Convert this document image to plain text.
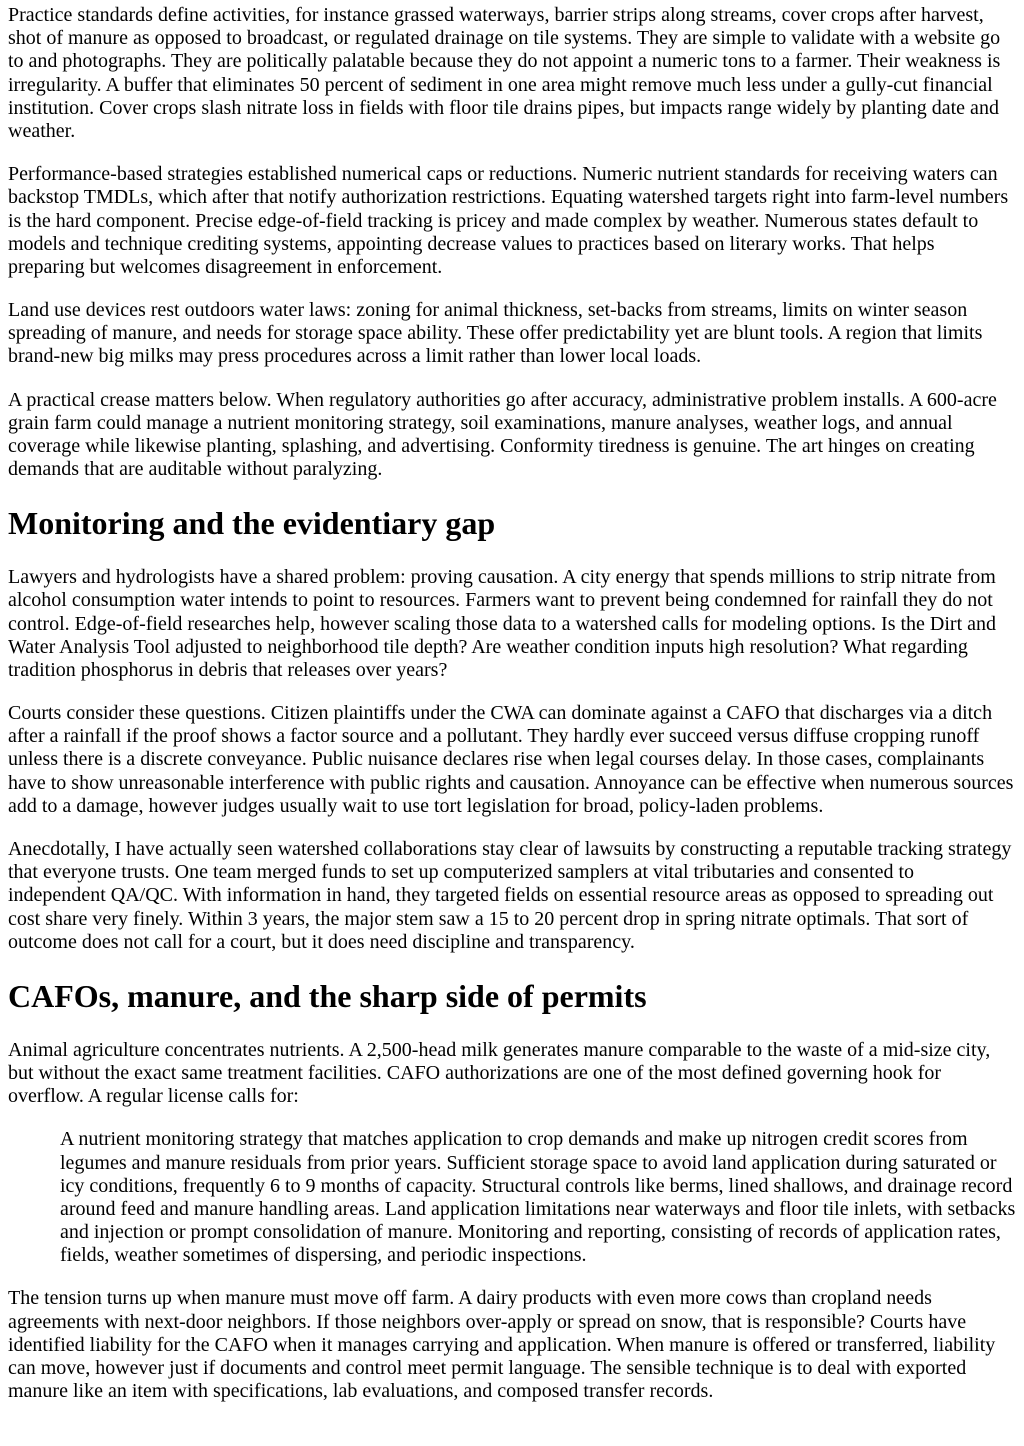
Practice standards define activities, for instance grassed waterways, barrier strips along streams, cover crops after harvest, shot of manure as opposed to broadcast, or regulated drainage on tile systems. They are simple to validate with a website go to and photographs. They are politically palatable because they do not appoint a numeric tons to a farmer. Their weakness is irregularity. A buffer that eliminates 50 percent of sediment in one area might remove much less under a gully-cut financial institution. Cover crops slash nitrate loss in fields with floor tile drains pipes, but impacts range widely by planting date and weather.

Performance-based strategies established numerical caps or reductions. Numeric nutrient standards for receiving waters can backstop TMDLs, which after that notify authorization restrictions. Equating watershed targets right into farm-level numbers is the hard component. Precise edge-of-field tracking is pricey and made complex by weather. Numerous states default to models and technique crediting systems, appointing decrease values to practices based on literary works. That helps preparing but welcomes disagreement in enforcement.

Land use devices rest outdoors water laws: zoning for animal thickness, set-backs from streams, limits on winter season spreading of manure, and needs for storage space ability. These offer predictability yet are blunt tools. A region that limits brand-new big milks may press procedures across a limit rather than lower local loads.

A practical crease matters below. When regulatory authorities go after accuracy, administrative problem installs. A 600-acre grain farm could manage a nutrient monitoring strategy, soil examinations, manure analyses, weather logs, and annual coverage while likewise planting, splashing, and advertising. Conformity tiredness is genuine. The art hinges on creating demands that are auditable without paralyzing.

Monitoring and the evidentiary gap

Lawyers and hydrologists have a shared problem: proving causation. A city energy that spends millions to strip nitrate from alcohol consumption water intends to point to resources. Farmers want to prevent being condemned for rainfall they do not control. Edge-of-field researches help, however scaling those data to a watershed calls for modeling options. Is the Dirt and Water Analysis Tool adjusted to neighborhood tile depth? Are weather condition inputs high resolution? What regarding tradition phosphorus in debris that releases over years?

Courts consider these questions. Citizen plaintiffs under the CWA can dominate against a CAFO that discharges via a ditch after a rainfall if the proof shows a factor source and a pollutant. They hardly ever succeed versus diffuse cropping runoff unless there is a discrete conveyance. Public nuisance declares rise when legal courses delay. In those cases, complainants have to show unreasonable interference with public rights and causation. Annoyance can be effective when numerous sources add to a damage, however judges usually wait to use tort legislation for broad, policy-laden problems.

Anecdotally, I have actually seen watershed collaborations stay clear of lawsuits by constructing a reputable tracking strategy that everyone trusts. One team merged funds to set up computerized samplers at vital tributaries and consented to independent QA/QC. With information in hand, they targeted fields on essential resource areas as opposed to spreading out cost share very finely. Within 3 years, the major stem saw a 15 to 20 percent drop in spring nitrate optimals. That sort of outcome does not call for a court, but it does need discipline and transparency.

CAFOs, manure, and the sharp side of permits

Animal agriculture concentrates nutrients. A 2,500-head milk generates manure comparable to the waste of a mid-size city, but without the exact same treatment facilities. CAFO authorizations are one of the most defined governing hook for overflow. A regular license calls for:

A nutrient monitoring strategy that matches application to crop demands and make up nitrogen credit scores from legumes and manure residuals from prior years. Sufficient storage space to avoid land application during saturated or icy conditions, frequently 6 to 9 months of capacity. Structural controls like berms, lined shallows, and drainage record around feed and manure handling areas. Land application limitations near waterways and floor tile inlets, with setbacks and injection or prompt consolidation of manure. Monitoring and reporting, consisting of records of application rates, fields, weather sometimes of dispersing, and periodic inspections.

The tension turns up when manure must move off farm. A dairy products with even more cows than cropland needs agreements with next-door neighbors. If those neighbors over-apply or spread on snow, that is responsible? Courts have identified liability for the CAFO when it manages carrying and application. When manure is offered or transferred, liability can move, however just if documents and control meet permit language. The sensible technique is to deal with exported manure like an item with specifications, lab evaluations, and composed transfer records.
